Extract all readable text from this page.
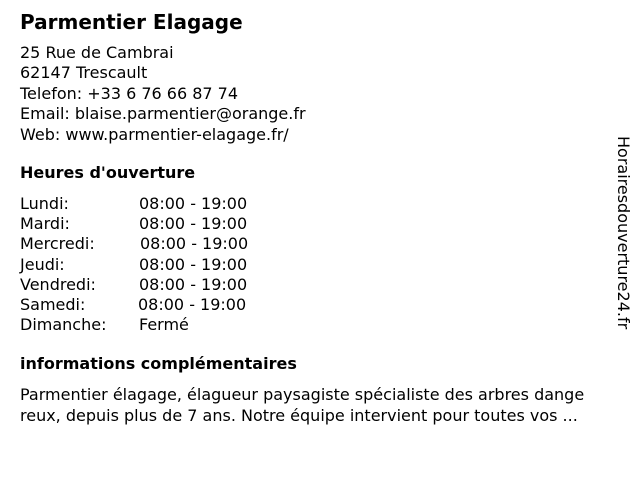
Parmentier Elagage
25 Rue de Cambrai
62147 Trescault
Telefon: +33 6 76 66 87 74
Email: blaise.parmentier@orange.fr
Web: www.parmentier-elagage.fr/
Heures d'ouverture
Lundi:	08:00 - 19:00
Mardi:	08:00 - 19:00
Mercredi:	08:00 - 19:00
Jeudi:	08:00 - 19:00
Vendredi:	08:00 - 19:00
Samedi:	08:00 - 19:00
Dimanche: Fermé
informations complémentaires
Parmentier élagage, élagueur paysagiste spécialiste des arbres dange
reux, depuis plus de 7 ans. Notre équipe intervient pour toutes vos ...
Horairesdouverture24.fr
